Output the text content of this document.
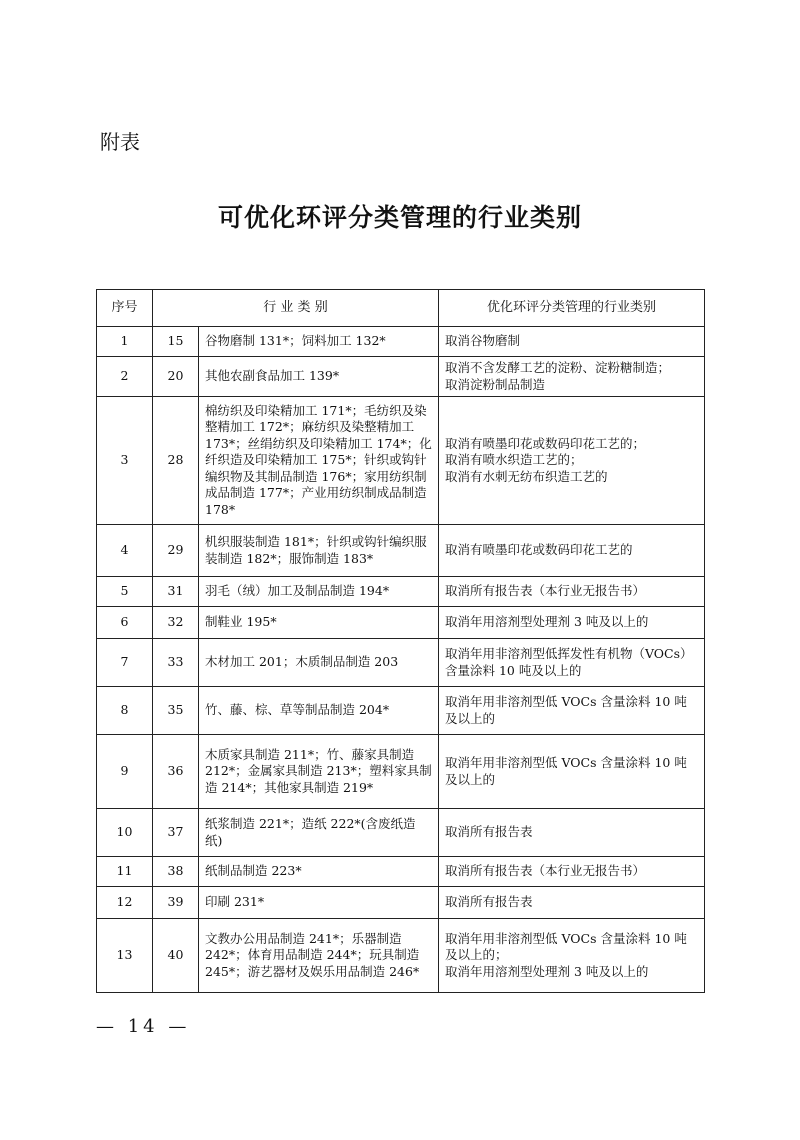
附表
可优化环评分类管理的行业类别
序号	行 业 类 别		优化环评分类管理的行业类别
1	15	谷物磨制 131*；饲料加工 132*	取消谷物磨制
2	20	其他农副食品加工 139*	取消不含发酵工艺的淀粉、淀粉糖制造；
取消淀粉制品制造
3	28	棉纺织及印染精加工 171*；毛纺织及染整精加工 172*；麻纺织及染整精加工 173*；丝绢纺织及印染精加工 174*；化纤织造及印染精加工 175*；针织或钩针编织物及其制品制造 176*；家用纺织制成品制造 177*；产业用纺织制成品制造 178*	取消有喷墨印花或数码印花工艺的；
取消有喷水织造工艺的；
取消有水刺无纺布织造工艺的
4	29	机织服装制造 181*；针织或钩针编织服装制造 182*；服饰制造 183*	取消有喷墨印花或数码印花工艺的
5	31	羽毛（绒）加工及制品制造 194*	取消所有报告表（本行业无报告书）
6	32	制鞋业 195*	取消年用溶剂型处理剂 3 吨及以上的
7	33	木材加工 201；木质制品制造 203	取消年用非溶剂型低挥发性有机物（VOCs）含量涂料 10 吨及以上的
8	35	竹、藤、棕、草等制品制造 204*	取消年用非溶剂型低 VOCs 含量涂料 10 吨及以上的
9	36	木质家具制造 211*；竹、藤家具制造 212*；金属家具制造 213*；塑料家具制造 214*；其他家具制造 219*	取消年用非溶剂型低 VOCs 含量涂料 10 吨及以上的
10	37	纸浆制造 221*；造纸 222*(含废纸造纸)	取消所有报告表
11	38	纸制品制造 223*	取消所有报告表（本行业无报告书）
12	39	印刷 231*	取消所有报告表
13	40	文教办公用品制造 241*；乐器制造 242*；体育用品制造 244*；玩具制造 245*；游艺器材及娱乐用品制造 246*	取消年用非溶剂型低 VOCs 含量涂料 10 吨及以上的；
取消年用溶剂型处理剂 3 吨及以上的
— 14 —
